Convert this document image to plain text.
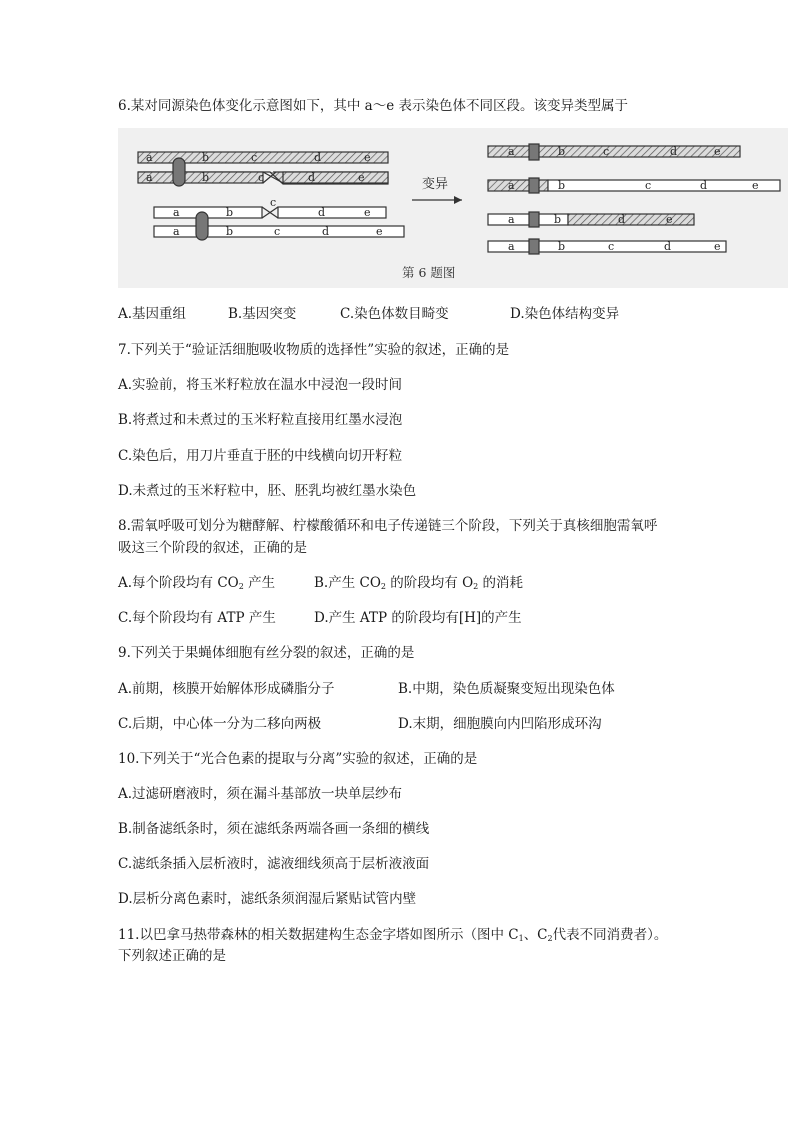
6.某对同源染色体变化示意图如下，其中 a～e 表示染色体不同区段。该变异类型属于
a	b	c	d	e
a	b	c	d	e
a	b
c
d	e
a	b	c	d	e
变异
a	b	c	d	e
a	b	c	d	e
a	b	d	e
a	b	c	d	e
第 6 题图
A.基因重组	B.基因突变	C.染色体数目畸变	D.染色体结构变异
7.下列关于“验证活细胞吸收物质的选择性”实验的叙述，正确的是
A.实验前，将玉米籽粒放在温水中浸泡一段时间
B.将煮过和未煮过的玉米籽粒直接用红墨水浸泡
C.染色后，用刀片垂直于胚的中线横向切开籽粒
D.未煮过的玉米籽粒中，胚、胚乳均被红墨水染色
8.需氧呼吸可划分为糖酵解、柠檬酸循环和电子传递链三个阶段，下列关于真核细胞需氧呼
吸这三个阶段的叙述，正确的是
A.每个阶段均有 $CO_2$ 产生	B.产生 $CO_2$ 的阶段均有 $O_2$ 的消耗
C.每个阶段均有 ATP 产生	D.产生 ATP 的阶段均有[H]的产生
9.下列关于果蝇体细胞有丝分裂的叙述，正确的是
A.前期，核膜开始解体形成磷脂分子	B.中期，染色质凝聚变短出现染色体
C.后期，中心体一分为二移向两极	D.末期，细胞膜向内凹陷形成环沟
10.下列关于“光合色素的提取与分离”实验的叙述，正确的是
A.过滤研磨液时，须在漏斗基部放一块单层纱布
B.制备滤纸条时，须在滤纸条两端各画一条细的横线
C.滤纸条插入层析液时，滤液细线须高于层析液液面
D.层析分离色素时，滤纸条须润湿后紧贴试管内壁
11.以巴拿马热带森林的相关数据建构生态金字塔如图所示（图中 $C_1$、$C_2$代表不同消费者）。
下列叙述正确的是
